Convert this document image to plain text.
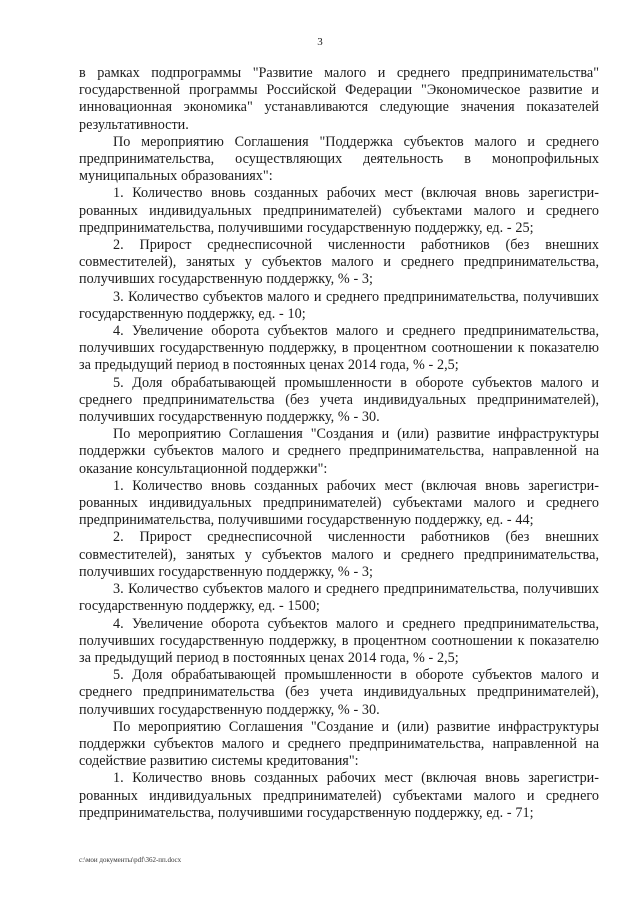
3

в рамках подпрограммы "Развитие малого и среднего предпринимательства" государственной программы Российской Федерации "Экономическое развитие и инновационная экономика" устанавливаются следующие значения показателей результативности.

По мероприятию Соглашения "Поддержка субъектов малого и среднего предпринимательства, осуществляющих деятельность в монопрофильных муниципальных образованиях":

1. Количество вновь созданных рабочих мест (включая вновь зарегистри-рованных индивидуальных предпринимателей) субъектами малого и среднего предпринимательства, получившими государственную поддержку, ед. - 25;

2. Прирост среднесписочной численности работников (без внешних совместителей), занятых у субъектов малого и среднего предпринимательства, получивших государственную поддержку, % - 3;

3. Количество субъектов малого и среднего предпринимательства, получивших государственную поддержку, ед. - 10;

4. Увеличение оборота субъектов малого и среднего предпринимательства, получивших государственную поддержку, в процентном соотношении к показателю за предыдущий период в постоянных ценах 2014 года, % - 2,5;

5. Доля обрабатывающей промышленности в обороте субъектов малого и среднего предпринимательства (без учета индивидуальных предпринимателей), получивших государственную поддержку, % - 30.

По мероприятию Соглашения "Создания и (или) развитие инфраструктуры поддержки субъектов малого и среднего предпринимательства, направленной на оказание консультационной поддержки":

1. Количество вновь созданных рабочих мест (включая вновь зарегистри-рованных индивидуальных предпринимателей) субъектами малого и среднего предпринимательства, получившими государственную поддержку, ед. - 44;

2. Прирост среднесписочной численности работников (без внешних совместителей), занятых у субъектов малого и среднего предпринимательства, получивших государственную поддержку, % - 3;

3. Количество субъектов малого и среднего предпринимательства, получивших государственную поддержку, ед. - 1500;

4. Увеличение оборота субъектов малого и среднего предпринимательства, получивших государственную поддержку, в процентном соотношении к показателю за предыдущий период в постоянных ценах 2014 года, % - 2,5;

5. Доля обрабатывающей промышленности в обороте субъектов малого и среднего предпринимательства (без учета индивидуальных предпринимателей), получивших государственную поддержку, % - 30.

По мероприятию Соглашения "Создание и (или) развитие инфраструктуры поддержки субъектов малого и среднего предпринимательства, направленной на содействие развитию системы кредитования":

1. Количество вновь созданных рабочих мест (включая вновь зарегистри-рованных индивидуальных предпринимателей) субъектами малого и среднего предпринимательства, получившими государственную поддержку, ед. - 71;

c:\мои документы\pdf\362-пп.docx
